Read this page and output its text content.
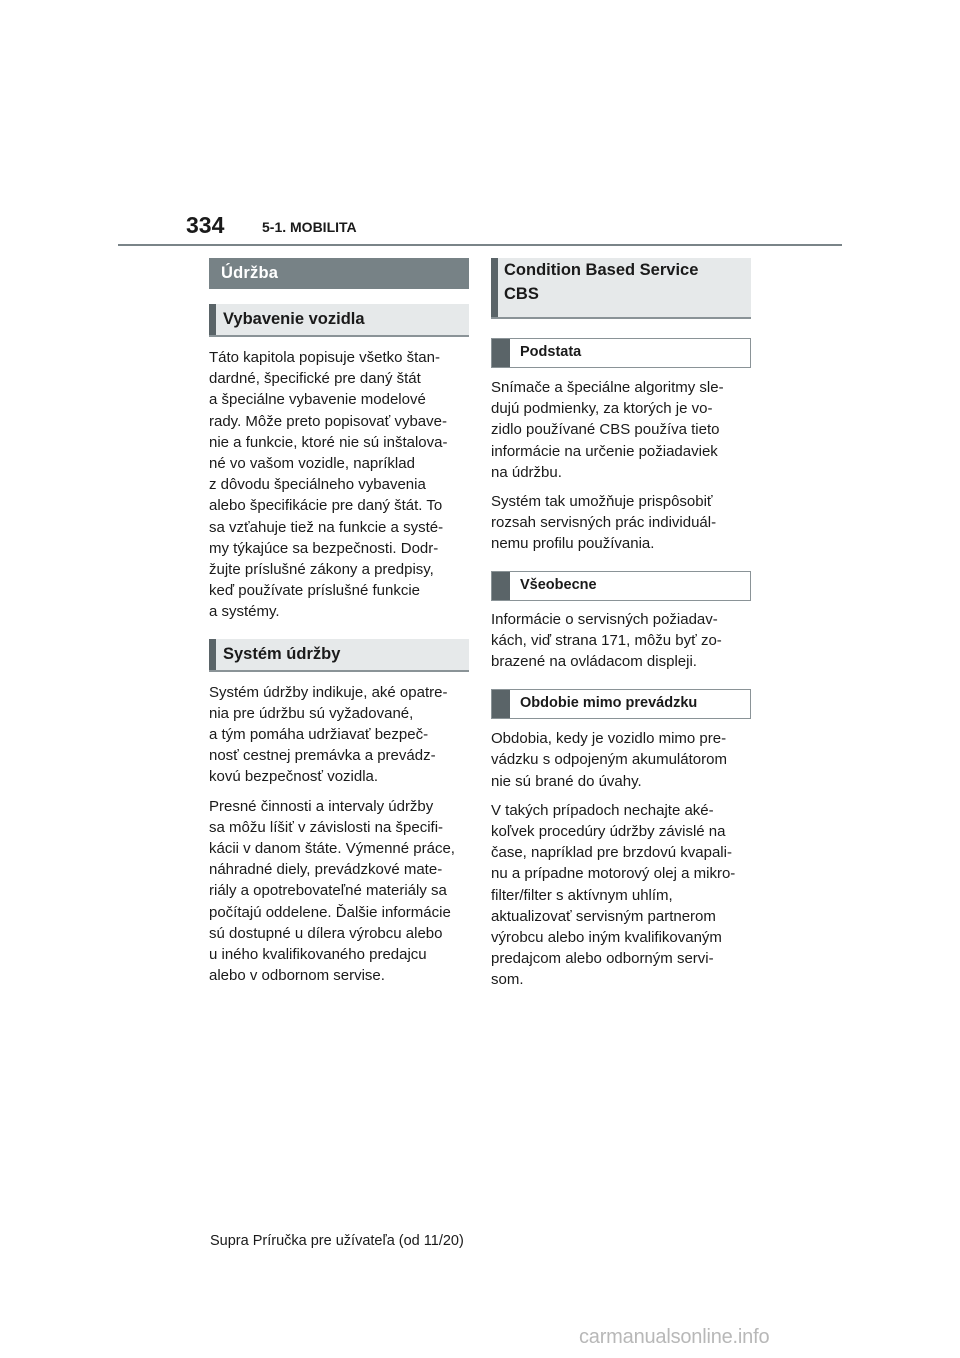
334	5-1. MOBILITA
Údržba
Vybavenie vozidla

Táto kapitola popisuje všetko štan-
dardné, špecifické pre daný štát
a špeciálne vybavenie modelové
rady. Môže preto popisovať vybave-
nie a funkcie, ktoré nie sú inštalova-
né vo vašom vozidle, napríklad
z dôvodu špeciálneho vybavenia
alebo špecifikácie pre daný štát. To
sa vzťahuje tiež na funkcie a systé-
my týkajúce sa bezpečnosti. Dodr-
žujte príslušné zákony a predpisy,
keď používate príslušné funkcie
a systémy.

Systém údržby

Systém údržby indikuje, aké opatre-
nia pre údržbu sú vyžadované,
a tým pomáha udržiavať bezpeč-
nosť cestnej premávka a prevádz-
kovú bezpečnosť vozidla.

Presné činnosti a intervaly údržby
sa môžu líšiť v závislosti na špecifi-
kácii v danom štáte. Výmenné práce,
náhradné diely, prevádzkové mate-
riály a opotrebovateľné materiály sa
počítajú oddelene. Ďalšie informácie
sú dostupné u dílera výrobcu alebo
u iného kvalifikovaného predajcu
alebo v odbornom servise.

Condition Based Service
CBS
Podstata

Snímače a špeciálne algoritmy sle-
dujú podmienky, za ktorých je vo-
zidlo používané CBS používa tieto
informácie na určenie požiadaviek
na údržbu.

Systém tak umožňuje prispôsobiť
rozsah servisných prác individuál-
nemu profilu používania.

Všeobecne

Informácie o servisných požiadav-
kách, viď strana 171, môžu byť zo-
brazené na ovládacom displeji.

Obdobie mimo prevádzku

Obdobia, kedy je vozidlo mimo pre-
vádzku s odpojeným akumulátorom
nie sú brané do úvahy.

V takých prípadoch nechajte aké-
koľvek procedúry údržby závislé na
čase, napríklad pre brzdovú kvapali-
nu a prípadne motorový olej a mikro-
filter/filter s aktívnym uhlím,
aktualizovať servisným partnerom
výrobcu alebo iným kvalifikovaným
predajcom alebo odborným servi-
som.

Supra Príručka pre užívateľa (od 11/20)
carmanualsonline.info
